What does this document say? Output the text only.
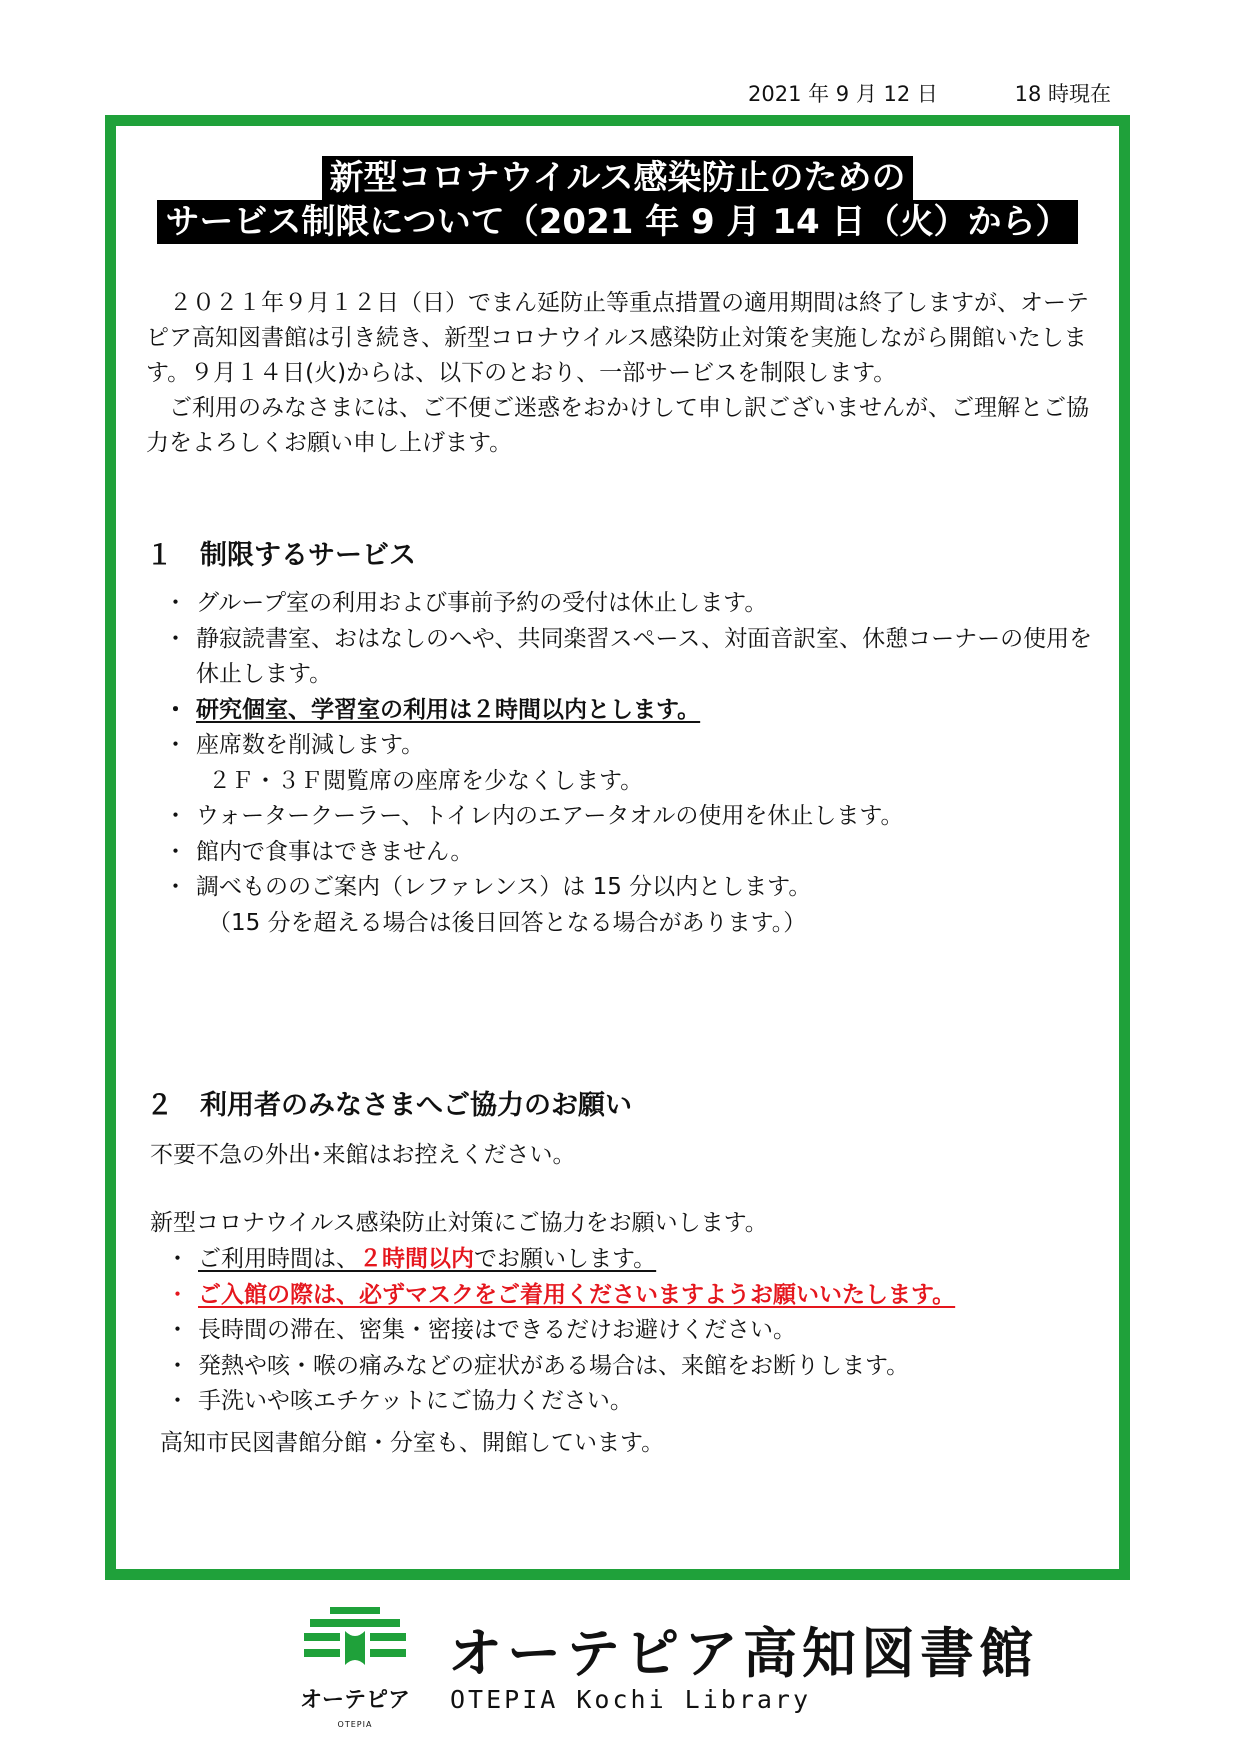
2021 年 9 月 12 日	18 時現在
新型コロナウイルス感染防止のための
サービス制限について（2021 年 9 月 14 日（火）から）

２０２１年９月１２日（日）でまん延防止等重点措置の適用期間は終了しますが、オーテピア高知図書館は引き続き、新型コロナウイルス感染防止対策を実施しながら開館いたします。９月１４日(火)からは、以下のとおり、一部サービスを制限します。

ご利用のみなさまには、ご不便ご迷惑をおかけして申し訳ございませんが、ご理解とご協力をよろしくお願い申し上げます。

１　制限するサービス
・ グループ室の利用および事前予約の受付は休止します。
・ 静寂読書室、おはなしのへや、共同楽習スペース、対面音訳室、休憩コーナーの使用を休止します。
・ 研究個室、学習室の利用は２時間以内とします。
・ 座席数を削減します。
２Ｆ・３Ｆ閲覧席の座席を少なくします。
・ ウォータークーラー、トイレ内のエアータオルの使用を休止します。
・ 館内で食事はできません。
・ 調べもののご案内（レファレンス）は 15 分以内とします。
（15 分を超える場合は後日回答となる場合があります。）
２　利用者のみなさまへご協力のお願い
不要不急の外出･来館はお控えください。
新型コロナウイルス感染防止対策にご協力をお願いします。
・ ご利用時間は、２時間以内でお願いします。
・ ご入館の際は、必ずマスクをご着用くださいますようお願いいたします。
・ 長時間の滞在、密集・密接はできるだけお避けください。
・ 発熱や咳・喉の痛みなどの症状がある場合は、来館をお断りします。
・ 手洗いや咳エチケットにご協力ください。
高知市民図書館分館・分室も、開館しています。
オーテピア
OTEPIA
オーテピア高知図書館
OTEPIA Kochi Library
